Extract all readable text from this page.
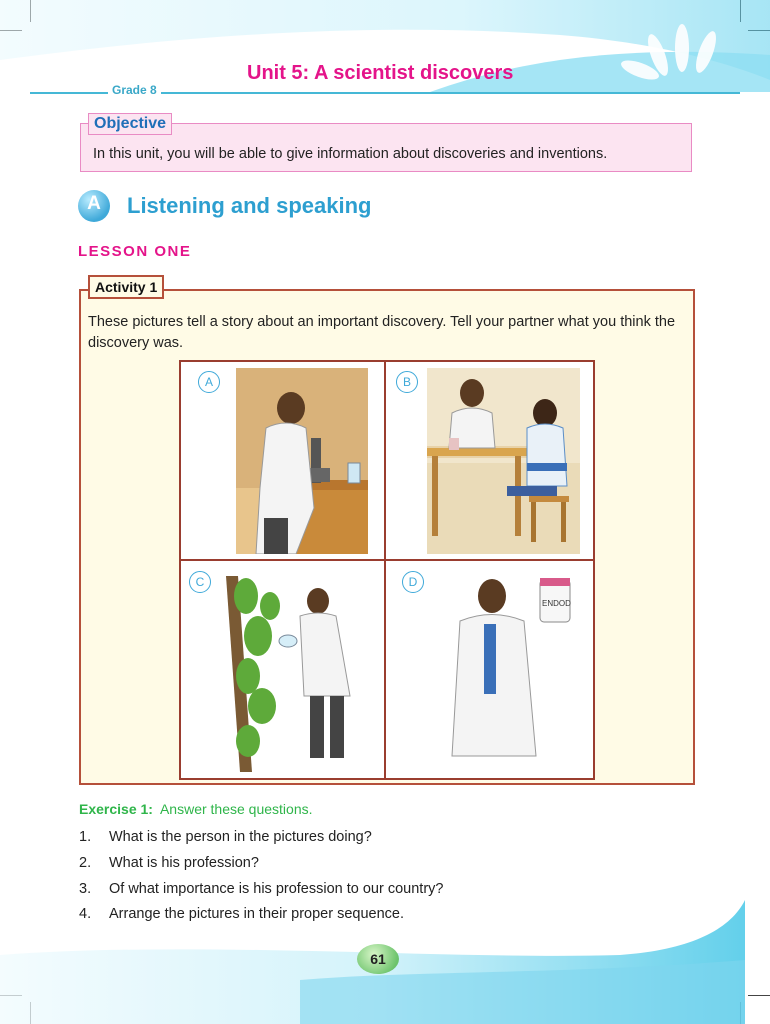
Grade 8
Unit 5: A scientist discovers
Objective
In this unit, you will be able to give information about discoveries and inventions.
A	Listening and speaking
LESSON ONE
Activity 1
These pictures tell a story about an important discovery. Tell your partner what you think the discovery was.
A	B
C
ENDOD
D
Exercise 1: Answer these questions.
1. What is the person in the pictures doing?
2. What is his profession?
3. Of what importance is his profession to our country?
4. Arrange the pictures in their proper sequence.
61
